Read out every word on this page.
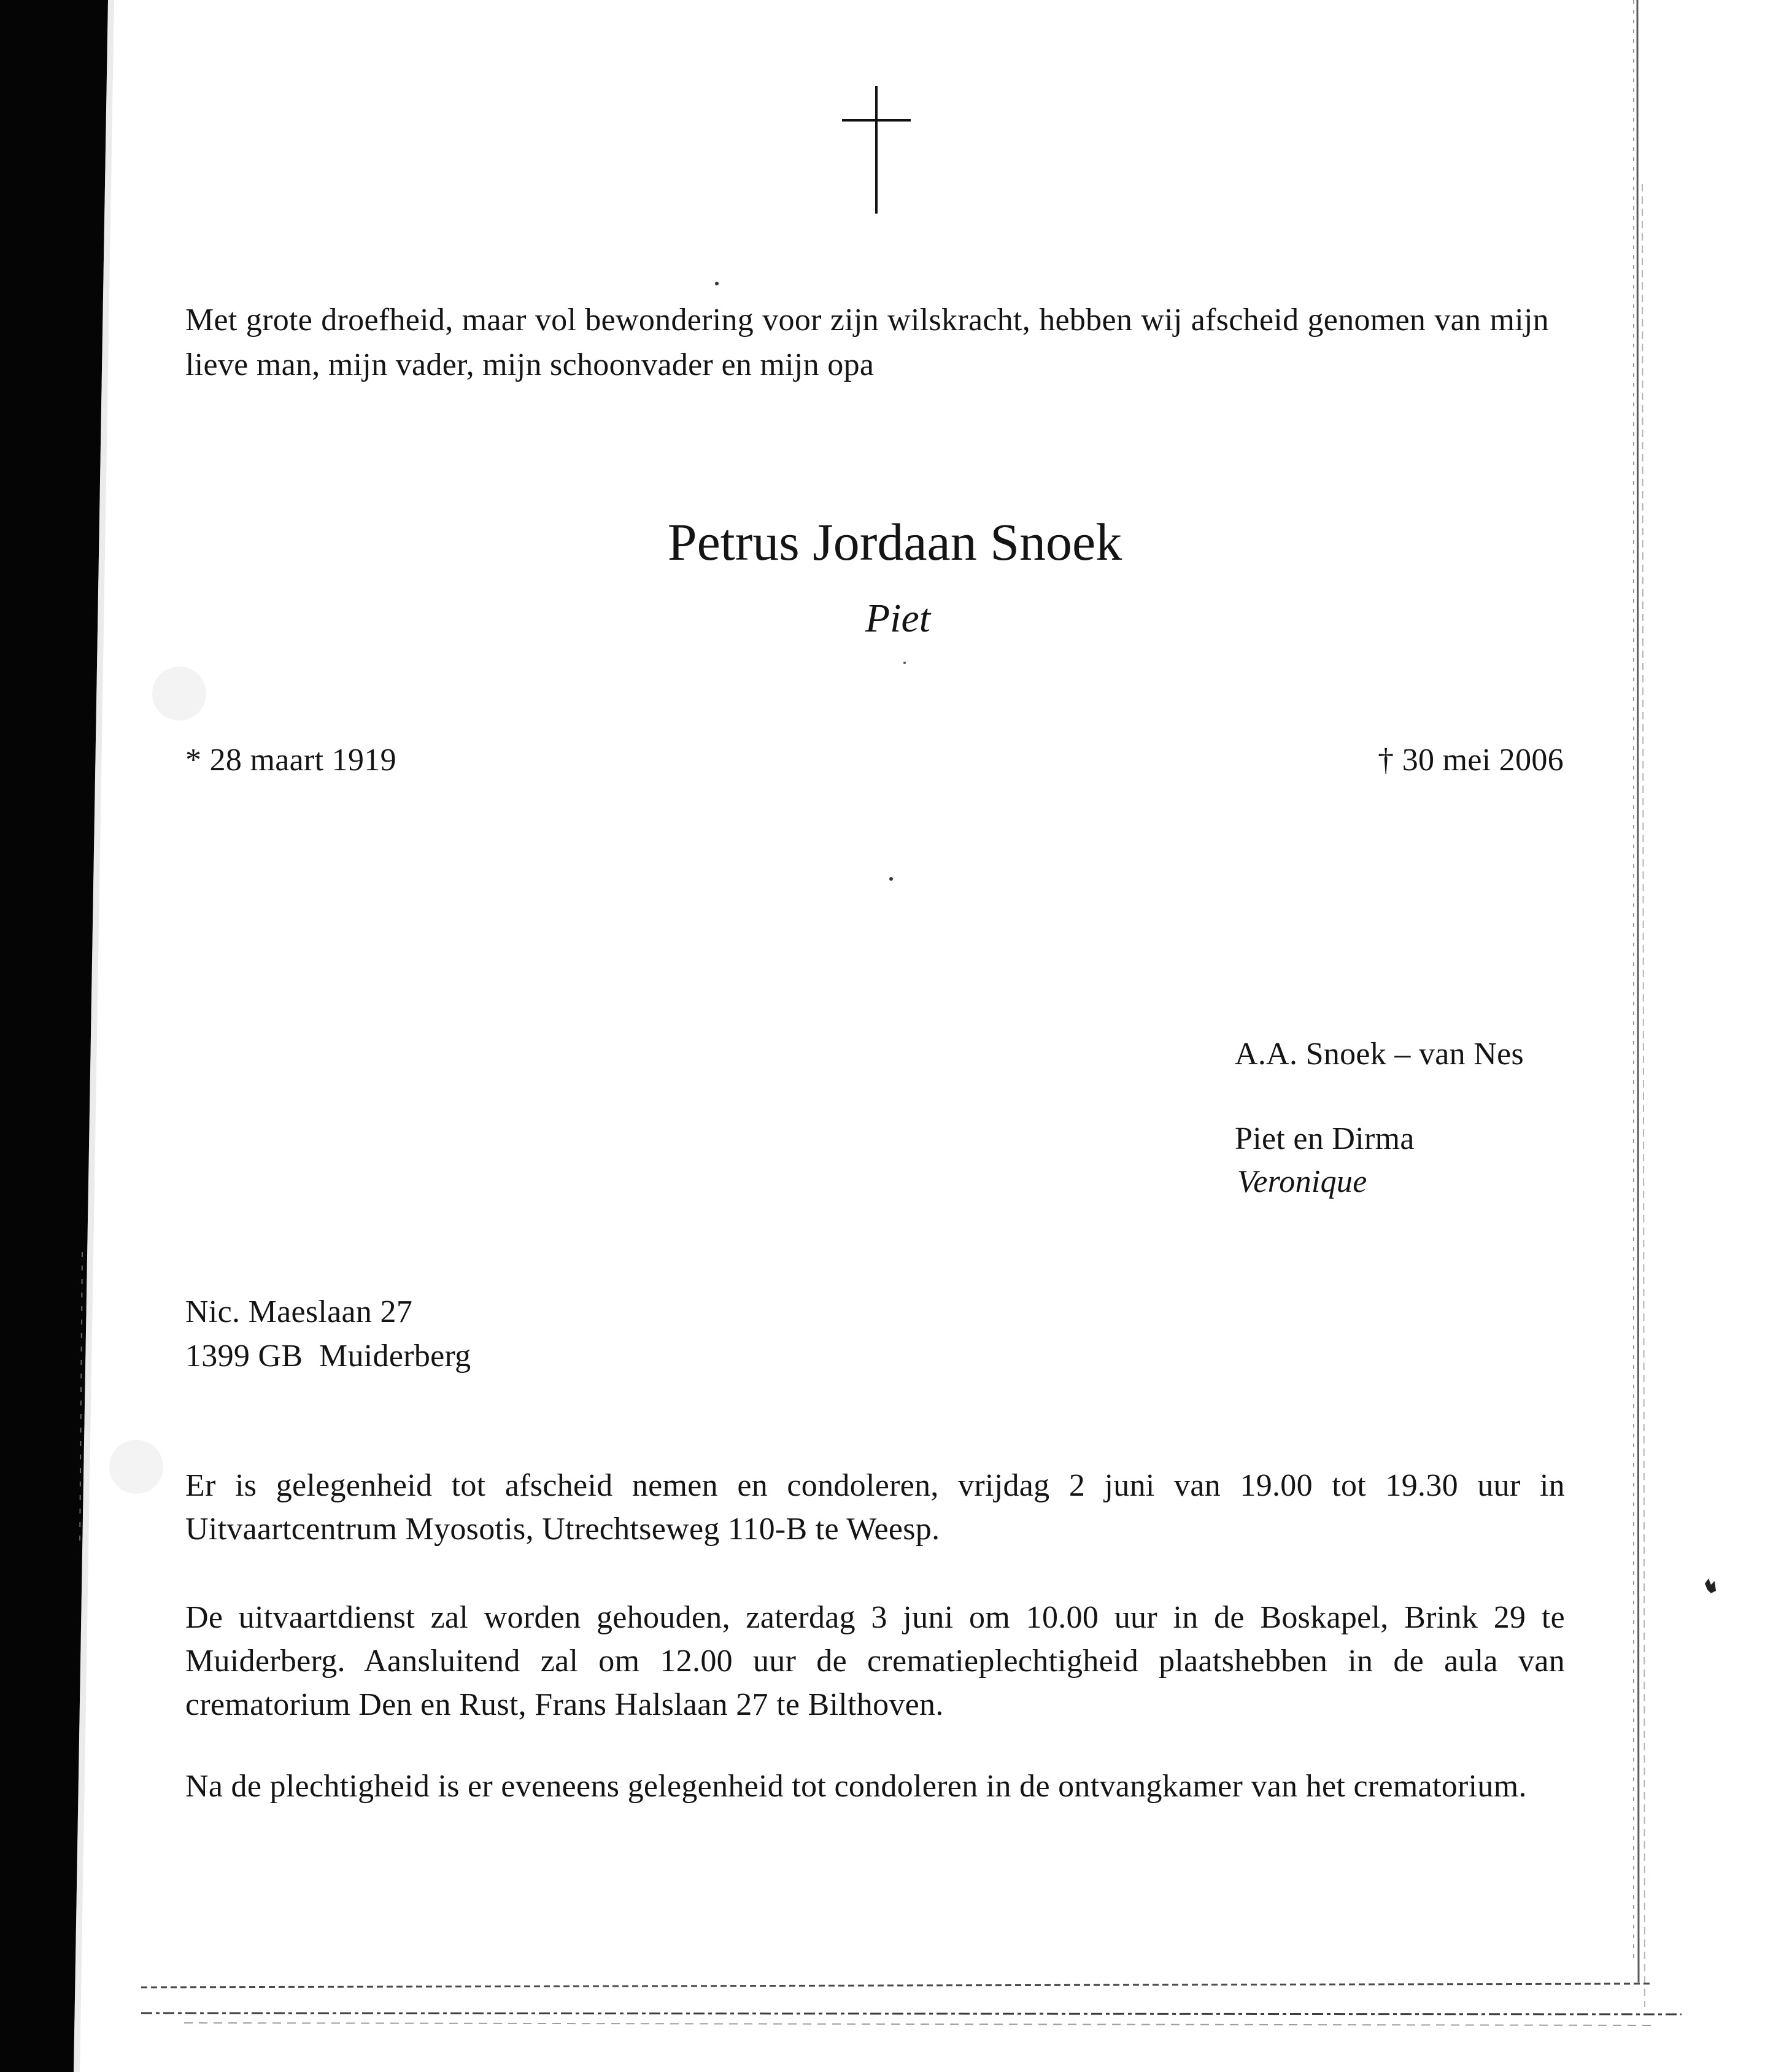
Met grote droefheid, maar vol bewondering voor zijn wilskracht, hebben wij afscheid genomen van mijn lieve man, mijn vader, mijn schoonvader en mijn opa
Petrus Jordaan Snoek
Piet
* 28 maart 1919	† 30 mei 2006
A.A. Snoek – van Nes
Piet en Dirma
Veronique
Nic. Maeslaan 27
1399 GB  Muiderberg
Er is gelegenheid tot afscheid nemen en condoleren, vrijdag 2 juni van 19.00 tot 19.30 uur in Uitvaartcentrum Myosotis, Utrechtseweg 110-B te Weesp.
De uitvaartdienst zal worden gehouden, zaterdag 3 juni om 10.00 uur in de Boskapel, Brink 29 te Muiderberg. Aansluitend zal om 12.00 uur de crematieplechtigheid plaatshebben in de aula van crematorium Den en Rust, Frans Halslaan 27 te Bilthoven.
Na de plechtigheid is er eveneens gelegenheid tot condoleren in de ontvangkamer van het crematorium.
